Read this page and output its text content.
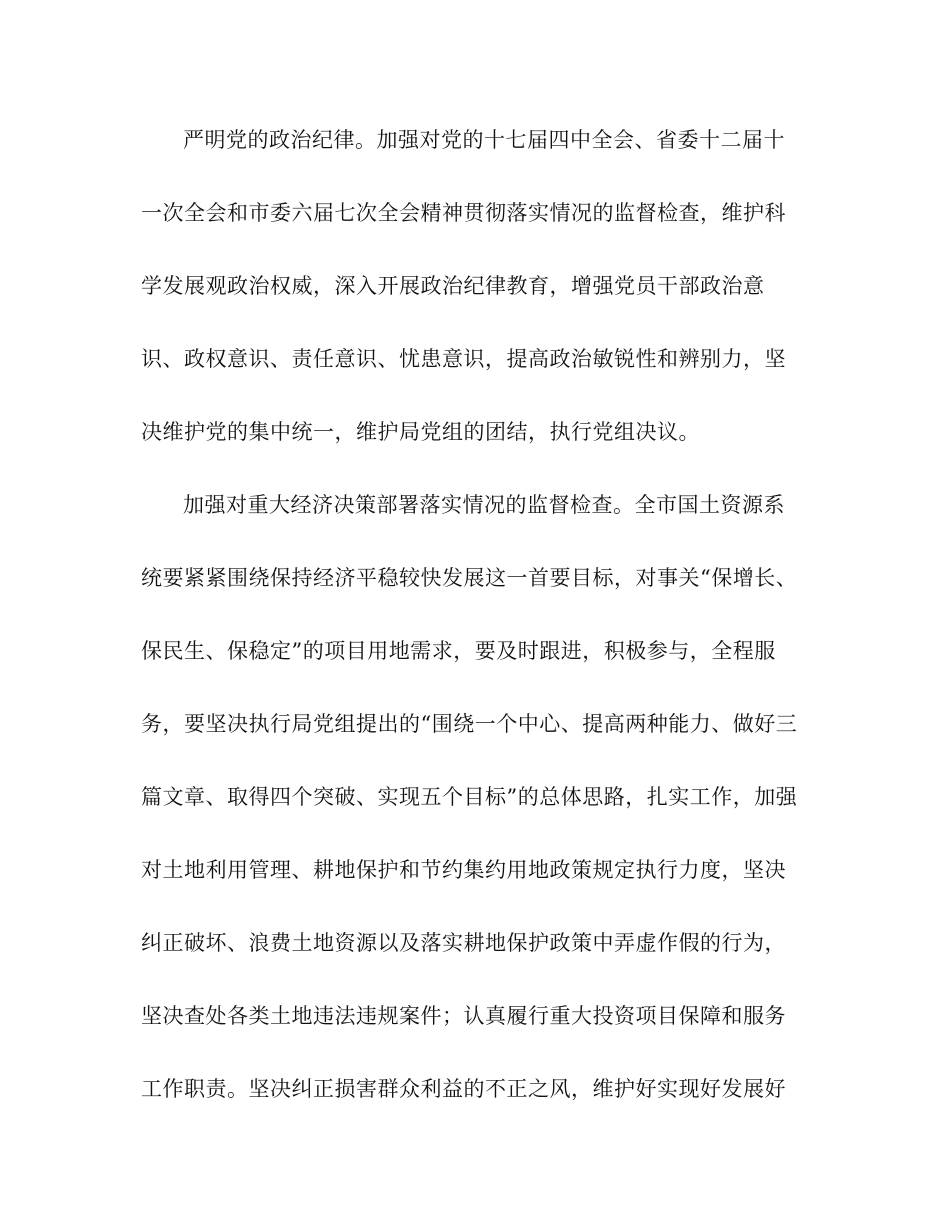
严明党的政治纪律。加强对党的十七届四中全会、省委十二届十
一次全会和市委六届七次全会精神贯彻落实情况的监督检查，维护科
学发展观政治权威，深入开展政治纪律教育，增强党员干部政治意
识、政权意识、责任意识、忧患意识，提高政治敏锐性和辨别力，坚
决维护党的集中统一，维护局党组的团结，执行党组决议。
加强对重大经济决策部署落实情况的监督检查。全市国土资源系
统要紧紧围绕保持经济平稳较快发展这一首要目标，对事关“保增长、
保民生、保稳定”的项目用地需求，要及时跟进，积极参与，全程服
务，要坚决执行局党组提出的“围绕一个中心、提高两种能力、做好三
篇文章、取得四个突破、实现五个目标”的总体思路，扎实工作，加强
对土地利用管理、耕地保护和节约集约用地政策规定执行力度，坚决
纠正破坏、浪费土地资源以及落实耕地保护政策中弄虚作假的行为，
坚决查处各类土地违法违规案件；认真履行重大投资项目保障和服务
工作职责。坚决纠正损害群众利益的不正之风，维护好实现好发展好
